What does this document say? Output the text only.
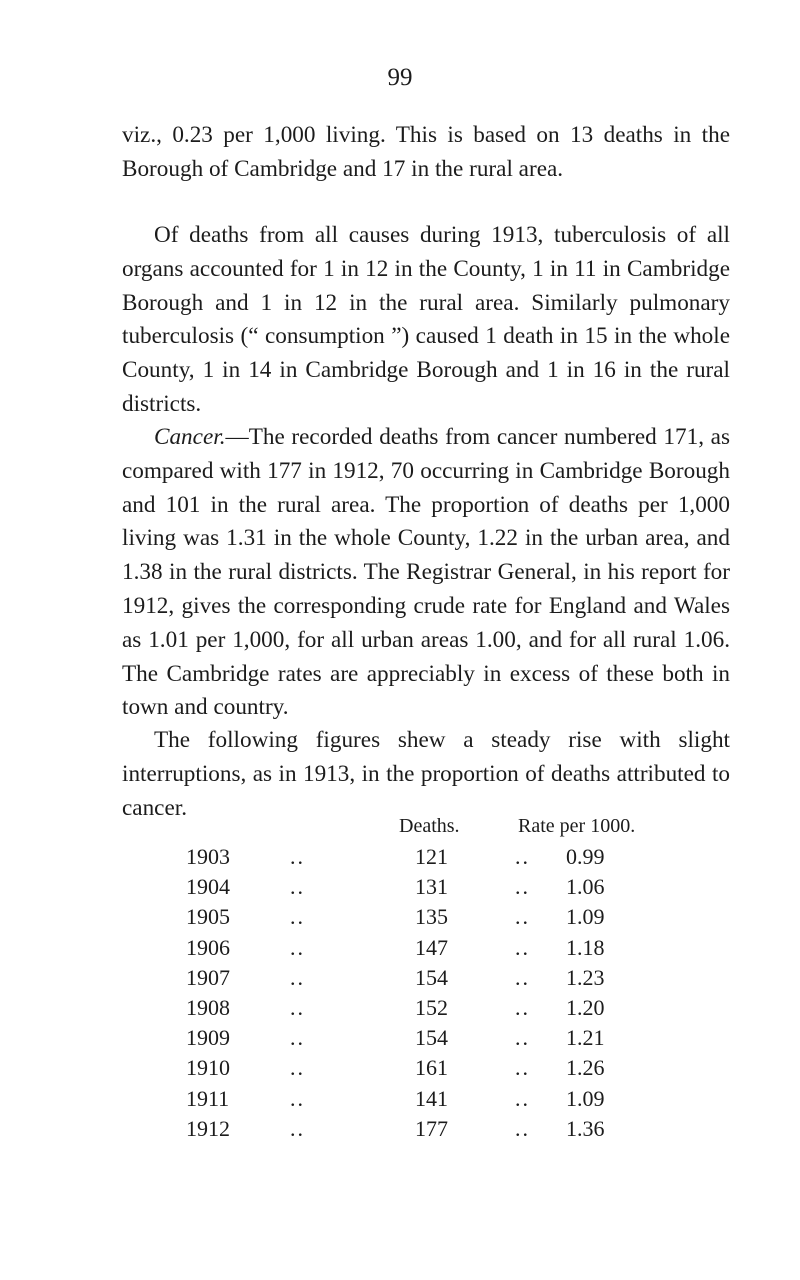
99

viz., 0.23 per 1,000 living. This is based on 13 deaths in the Borough of Cambridge and 17 in the rural area.

Of deaths from all causes during 1913, tuberculosis of all organs accounted for 1 in 12 in the County, 1 in 11 in Cambridge Borough and 1 in 12 in the rural area. Similarly pulmonary tuberculosis (“ consumption ”) caused 1 death in 15 in the whole County, 1 in 14 in Cambridge Borough and 1 in 16 in the rural districts.

Cancer.—The recorded deaths from cancer numbered 171, as compared with 177 in 1912, 70 occurring in Cambridge Borough and 101 in the rural area. The proportion of deaths per 1,000 living was 1.31 in the whole County, 1.22 in the urban area, and 1.38 in the rural districts. The Registrar General, in his report for 1912, gives the corresponding crude rate for England and Wales as 1.01 per 1,000, for all urban areas 1.00, and for all rural 1.06. The Cambridge rates are appreciably in excess of these both in town and country.

The following figures shew a steady rise with slight interruptions, as in 1913, in the proportion of deaths attributed to cancer.

Deaths.	Rate per 1000.
1903	..	121	.. 0.99
1904	..	131	.. 1.06
1905	..	135	.. 1.09
1906	..	147	.. 1.18
1907	..	154	.. 1.23
1908	..	152	.. 1.20
1909	..	154	.. 1.21
1910	..	161	.. 1.26
1911	..	141	.. 1.09
1912	..	177	.. 1.36
